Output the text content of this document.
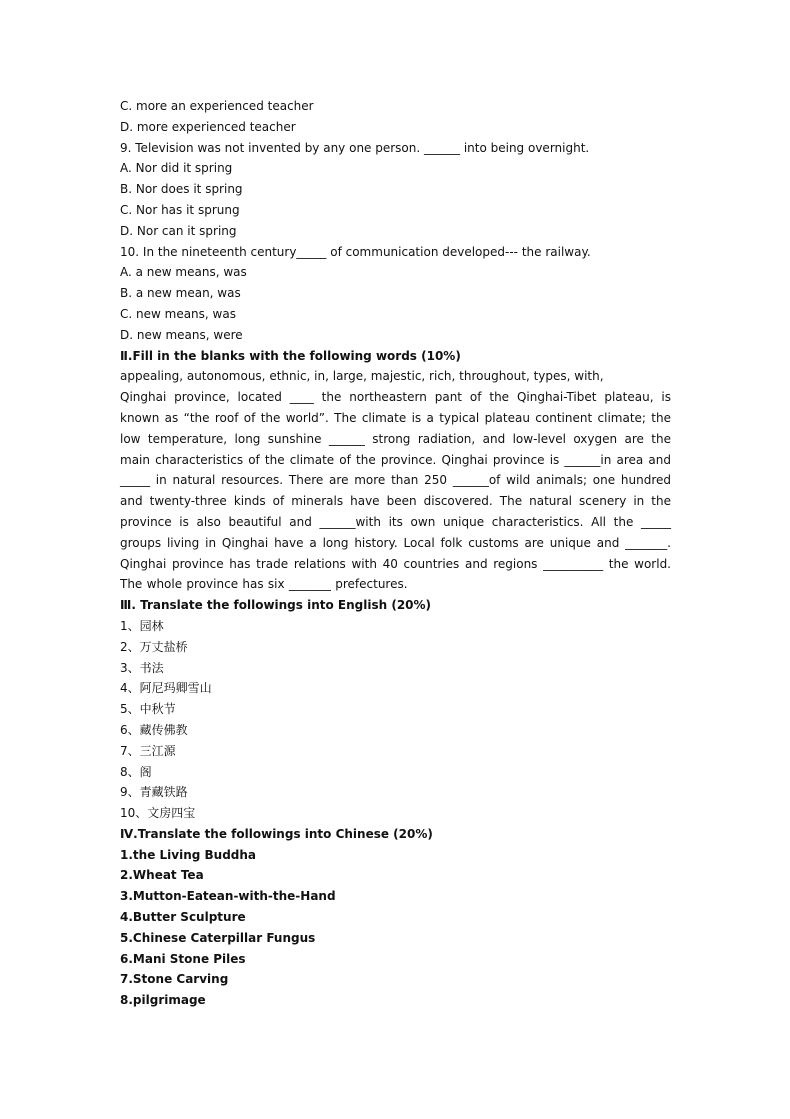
C. more an experienced teacher
D. more experienced teacher
9. Television was not invented by any one person. ______ into being overnight.
A. Nor did it spring
B. Nor does it spring
C. Nor has it sprung
D. Nor can it spring
10. In the nineteenth century_____ of communication developed--- the railway.
A. a new means, was
B. a new mean, was
C. new means, was
D. new means, were
Ⅱ.Fill in the blanks with the following words (10%)
appealing, autonomous, ethnic, in, large, majestic, rich, throughout, types, with,
Qinghai province, located ____ the northeastern pant of the Qinghai-Tibet plateau, is known as “the roof of the world”. The climate is a typical plateau continent climate; the low temperature, long sunshine ______ strong radiation, and low-level oxygen are the main characteristics of the climate of the province. Qinghai province is ______in area and _____ in natural resources. There are more than 250 ______of wild animals; one hundred and twenty-three kinds of minerals have been discovered. The natural scenery in the province is also beautiful and ______with its own unique characteristics. All the _____ groups living in Qinghai have a long history. Local folk customs are unique and _______. Qinghai province has trade relations with 40 countries and regions __________ the world. The whole province has six _______ prefectures.
Ⅲ. Translate the followings into English (20%)
1、园林
2、万丈盐桥
3、书法
4、阿尼玛卿雪山
5、中秋节
6、藏传佛教
7、三江源
8、阁
9、青藏铁路
10、文房四宝
Ⅳ.Translate the followings into Chinese (20%)
1.the Living Buddha
2.Wheat Tea
3.Mutton-Eatean-with-the-Hand
4.Butter Sculpture
5.Chinese Caterpillar Fungus
6.Mani Stone Piles
7.Stone Carving
8.pilgrimage
